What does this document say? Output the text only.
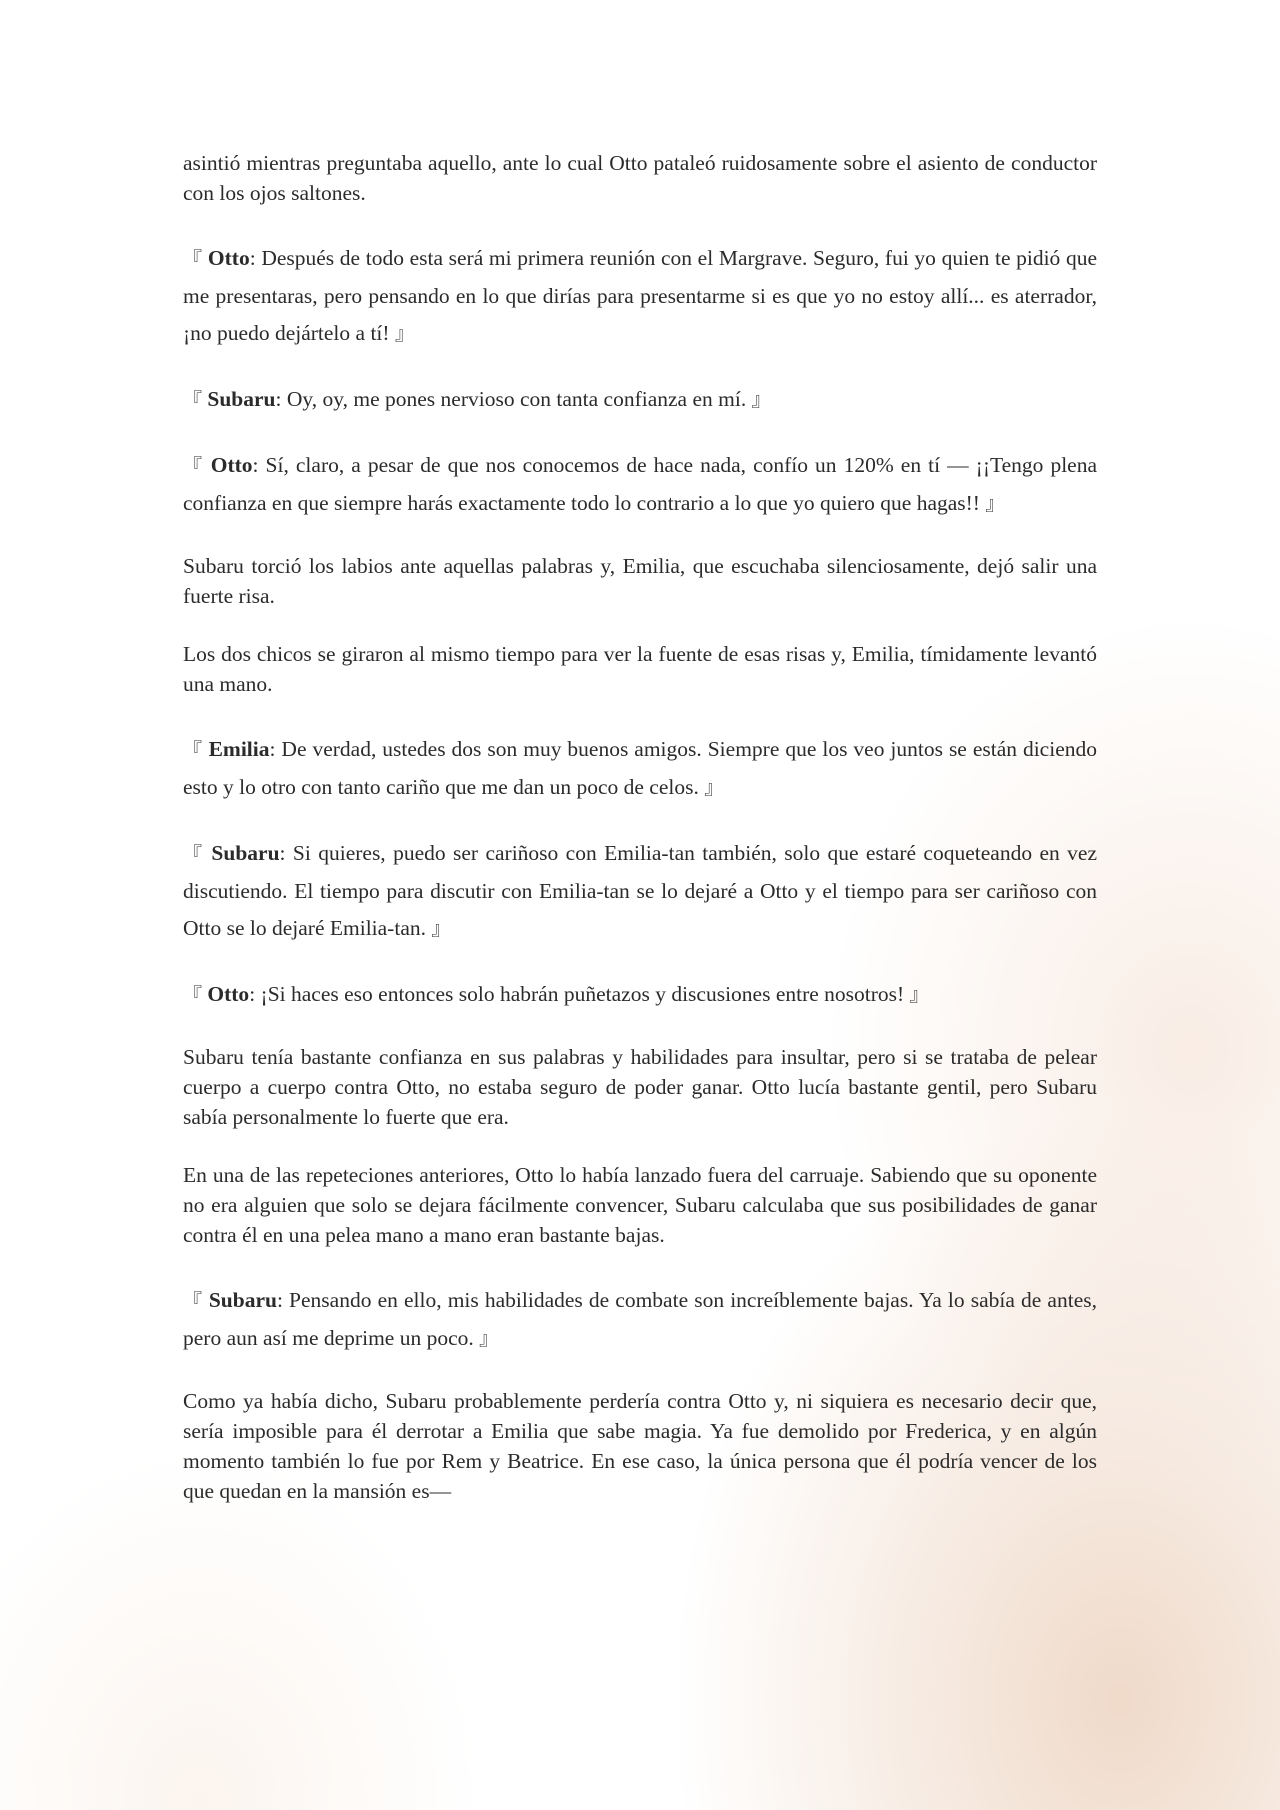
asintió mientras preguntaba aquello, ante lo cual Otto pataleó ruidosamente sobre el asiento de conductor con los ojos saltones.

『 Otto: Después de todo esta será mi primera reunión con el Margrave. Seguro, fui yo quien te pidió que me presentaras, pero pensando en lo que dirías para presentarme si es que yo no estoy allí... es aterrador, ¡no puedo dejártelo a tí! 』

『 Subaru: Oy, oy, me pones nervioso con tanta confianza en mí. 』

『 Otto: Sí, claro, a pesar de que nos conocemos de hace nada, confío un 120% en tí — ¡¡Tengo plena confianza en que siempre harás exactamente todo lo contrario a lo que yo quiero que hagas!! 』

Subaru torció los labios ante aquellas palabras y, Emilia, que escuchaba silenciosamente, dejó salir una fuerte risa.

Los dos chicos se giraron al mismo tiempo para ver la fuente de esas risas y, Emilia, tímidamente levantó una mano.

『 Emilia: De verdad, ustedes dos son muy buenos amigos. Siempre que los veo juntos se están diciendo esto y lo otro con tanto cariño que me dan un poco de celos. 』

『 Subaru: Si quieres, puedo ser cariñoso con Emilia-tan también, solo que estaré coqueteando en vez discutiendo. El tiempo para discutir con Emilia-tan se lo dejaré a Otto y el tiempo para ser cariñoso con Otto se lo dejaré Emilia-tan. 』

『 Otto: ¡Si haces eso entonces solo habrán puñetazos y discusiones entre nosotros! 』

Subaru tenía bastante confianza en sus palabras y habilidades para insultar, pero si se trataba de pelear cuerpo a cuerpo contra Otto, no estaba seguro de poder ganar. Otto lucía bastante gentil, pero Subaru sabía personalmente lo fuerte que era.

En una de las repeteciones anteriores, Otto lo había lanzado fuera del carruaje. Sabiendo que su oponente no era alguien que solo se dejara fácilmente convencer, Subaru calculaba que sus posibilidades de ganar contra él en una pelea mano a mano eran bastante bajas.

『 Subaru: Pensando en ello, mis habilidades de combate son increíblemente bajas. Ya lo sabía de antes, pero aun así me deprime un poco. 』

Como ya había dicho, Subaru probablemente perdería contra Otto y, ni siquiera es necesario decir que, sería imposible para él derrotar a Emilia que sabe magia. Ya fue demolido por Frederica, y en algún momento también lo fue por Rem y Beatrice. En ese caso, la única persona que él podría vencer de los que quedan en la mansión es—
